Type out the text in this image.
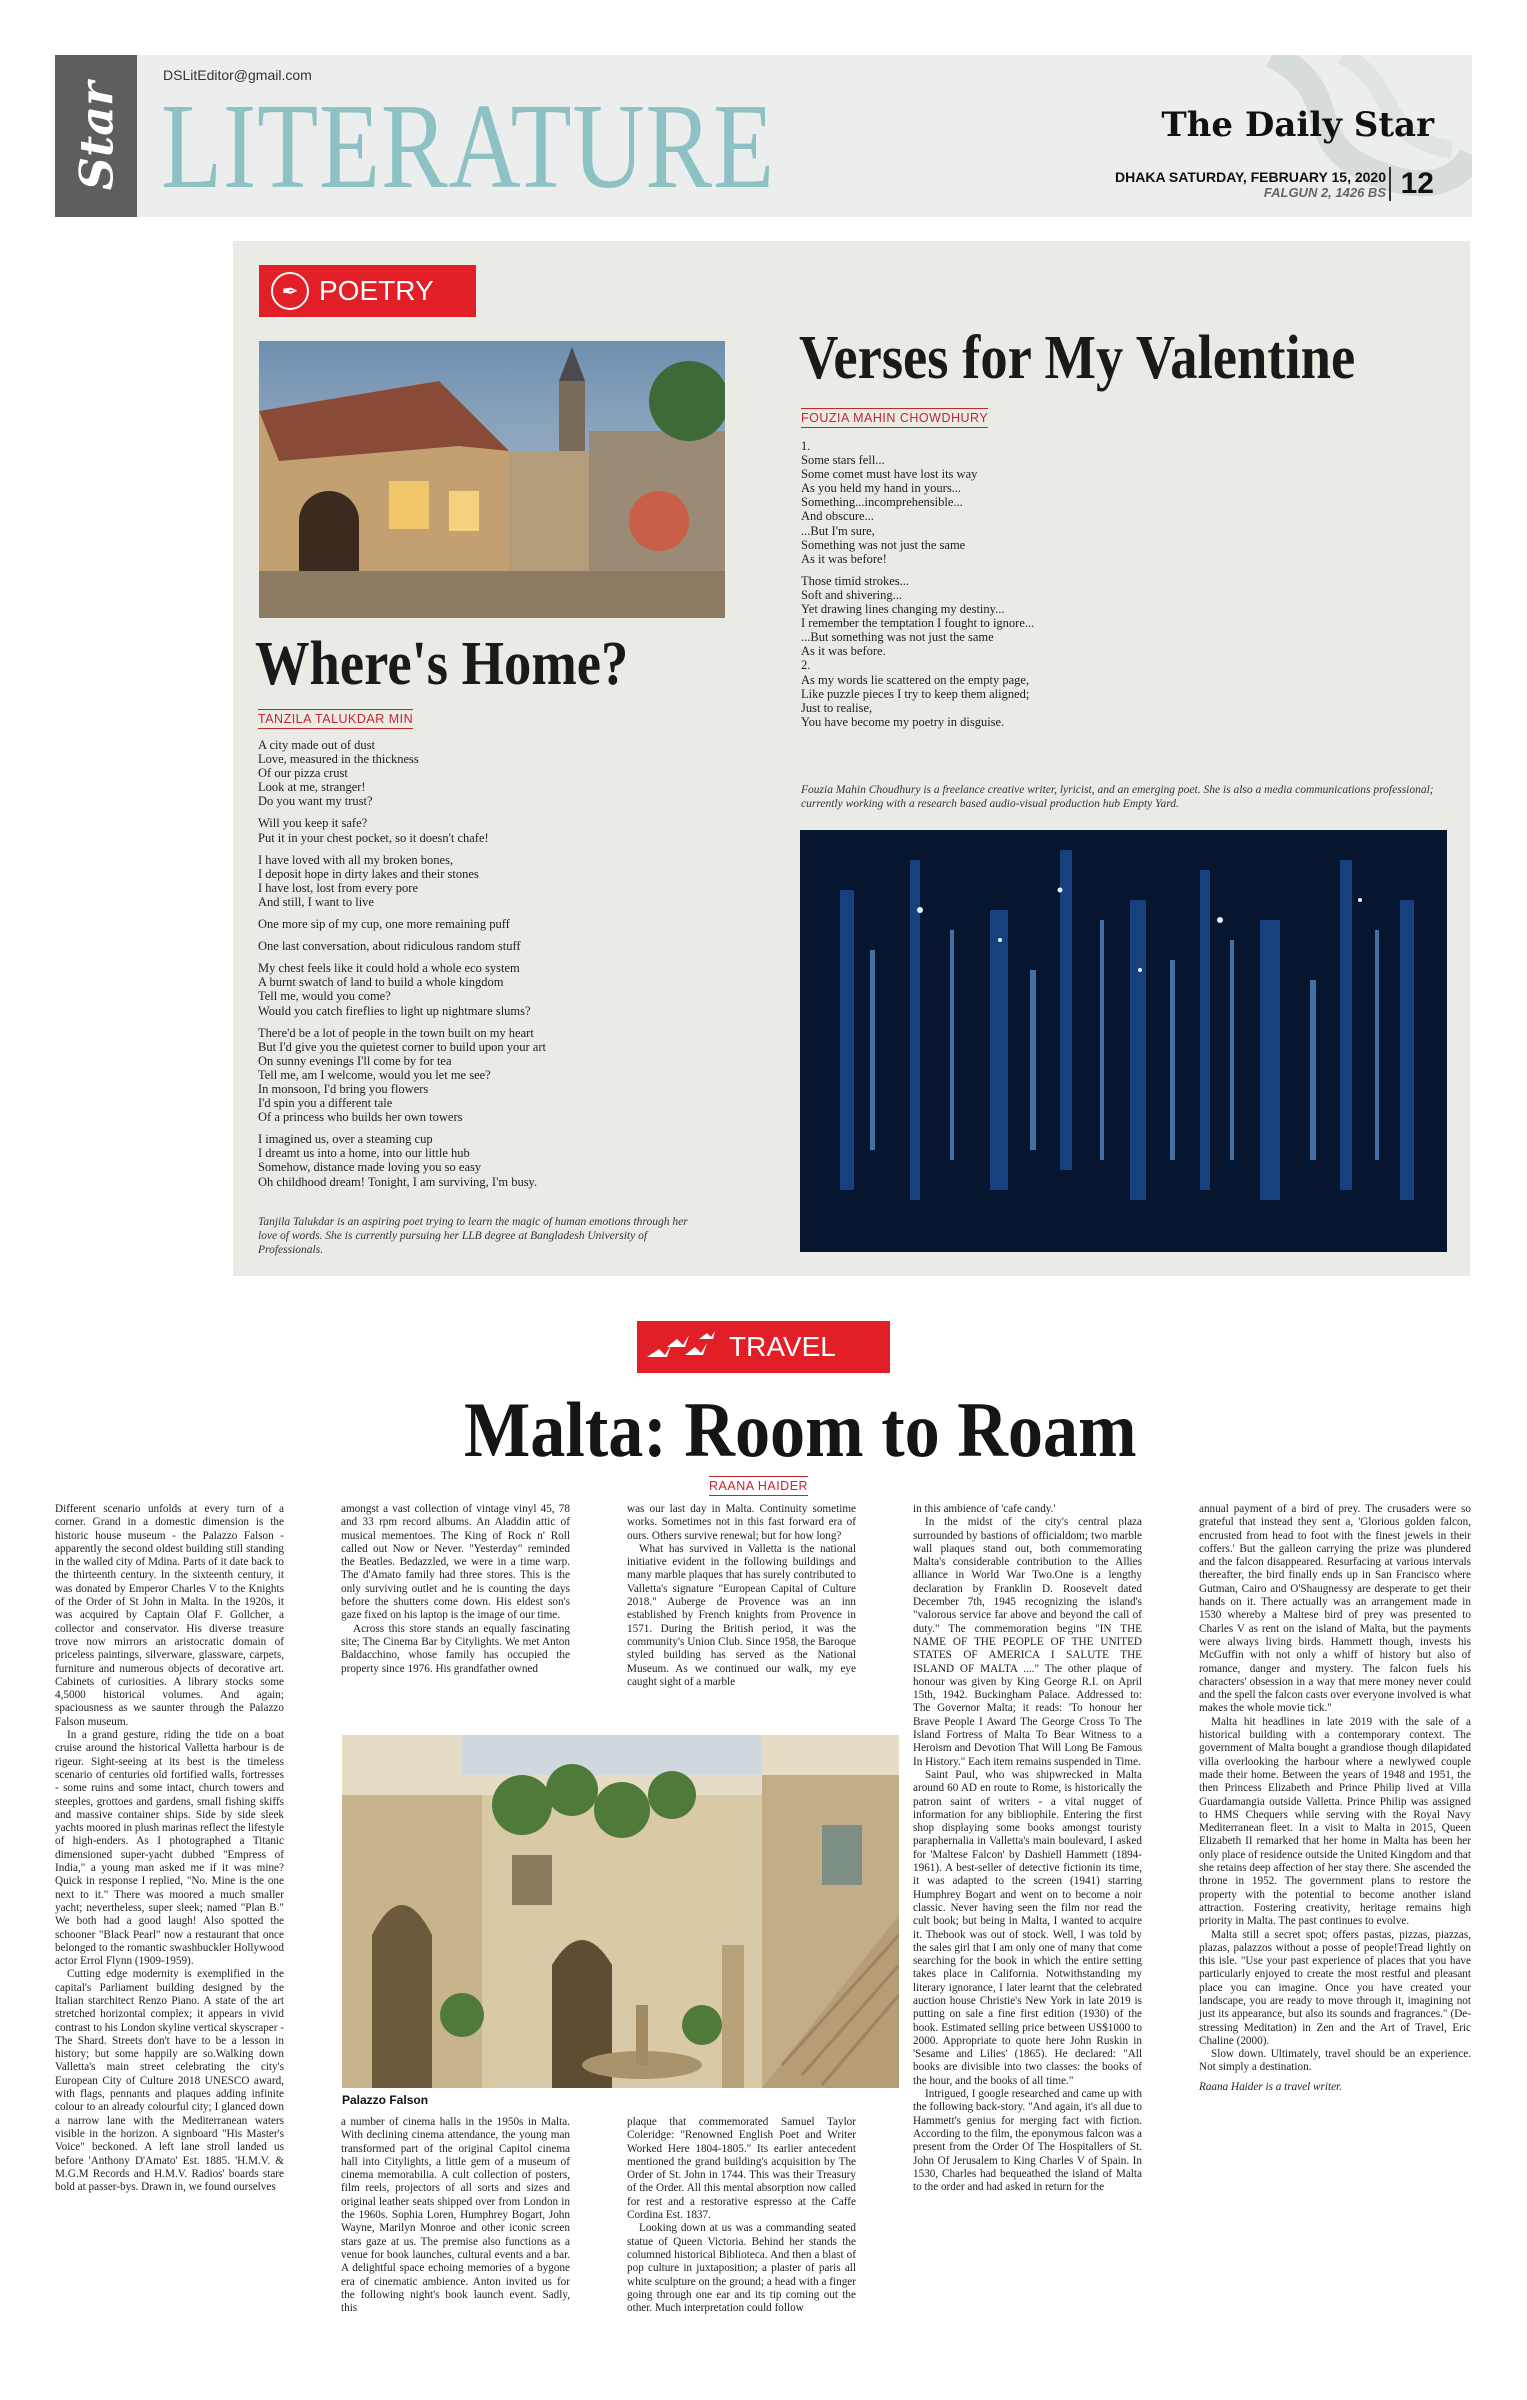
Star
DSLitEditor@gmail.com
LITERATURE	The Daily Star
DHAKA SATURDAY, FEBRUARY 15, 2020
FALGUN 2, 1426 BS 12
✒ POETRY
Where's Home?
TANZILA TALUKDAR MIN
A city made out of dust
Love, measured in the thickness
Of our pizza crust
Look at me, stranger!
Do you want my trust?
Will you keep it safe?
Put it in your chest pocket, so it doesn't chafe!
I have loved with all my broken bones,
I deposit hope in dirty lakes and their stones
I have lost, lost from every pore
And still, I want to live
One more sip of my cup, one more remaining puff
One last conversation, about ridiculous random stuff
My chest feels like it could hold a whole eco system
A burnt swatch of land to build a whole kingdom
Tell me, would you come?
Would you catch fireflies to light up nightmare slums?
There'd be a lot of people in the town built on my heart
But I'd give you the quietest corner to build upon your art
On sunny evenings I'll come by for tea
Tell me, am I welcome, would you let me see?
In monsoon, I'd bring you flowers
I'd spin you a different tale
Of a princess who builds her own towers
I imagined us, over a steaming cup
I dreamt us into a home, into our little hub
Somehow, distance made loving you so easy
Oh childhood dream! Tonight, I am surviving, I'm busy.
Tanjila Talukdar is an aspiring poet trying to learn the magic of human emotions through her love of words. She is currently pursuing her LLB degree at Bangladesh University of Professionals.
Verses for My Valentine
FOUZIA MAHIN CHOWDHURY
1.
Some stars fell...
Some comet must have lost its way
As you held my hand in yours...
Something...incomprehensible...
And obscure...
...But I'm sure,
Something was not just the same
As it was before!
Those timid strokes...
Soft and shivering...
Yet drawing lines changing my destiny...
I remember the temptation I fought to ignore...
...But something was not just the same
As it was before.
2.
As my words lie scattered on the empty page,
Like puzzle pieces I try to keep them aligned;
Just to realise,
You have become my poetry in disguise.
Fouzia Mahin Choudhury is a freelance creative writer, lyricist, and an emerging poet. She is also a media communications professional; currently working with a research based audio-visual production hub Empty Yard.
TRAVEL
Malta: Room to Roam
RAANA HAIDER

Different scenario unfolds at every turn of a corner. Grand in a domestic dimension is the historic house museum - the Palazzo Falson - apparently the second oldest building still standing in the walled city of Mdina. Parts of it date back to the thirteenth century. In the sixteenth century, it was donated by Emperor Charles V to the Knights of the Order of St John in Malta. In the 1920s, it was acquired by Captain Olaf F. Gollcher, a collector and conservator. His diverse treasure trove now mirrors an aristocratic domain of priceless paintings, silverware, glassware, carpets, furniture and numerous objects of decorative art. Cabinets of curiosities. A library stocks some 4,5000 historical volumes. And again; spaciousness as we saunter through the Palazzo Falson museum.

In a grand gesture, riding the tide on a boat cruise around the historical Valletta harbour is de rigeur. Sight-seeing at its best is the timeless scenario of centuries old fortified walls, fortresses - some ruins and some intact, church towers and steeples, grottoes and gardens, small fishing skiffs and massive container ships. Side by side sleek yachts moored in plush marinas reflect the lifestyle of high-enders. As I photographed a Titanic dimensioned super-yacht dubbed "Empress of India," a young man asked me if it was mine? Quick in response I replied, "No. Mine is the one next to it." There was moored a much smaller yacht; nevertheless, super sleek; named "Plan B." We both had a good laugh! Also spotted the schooner "Black Pearl" now a restaurant that once belonged to the romantic swashbuckler Hollywood actor Errol Flynn (1909-1959).

Cutting edge modernity is exemplified in the capital's Parliament building designed by the Italian starchitect Renzo Piano. A state of the art stretched horizontal complex; it appears in vivid contrast to his London skyline vertical skyscraper - The Shard. Streets don't have to be a lesson in history; but some happily are so.Walking down Valletta's main street celebrating the city's European City of Culture 2018 UNESCO award, with flags, pennants and plaques adding infinite colour to an already colourful city; I glanced down a narrow lane with the Mediterranean waters visible in the horizon. A signboard "His Master's Voice" beckoned. A left lane stroll landed us before 'Anthony D'Amato' Est. 1885. 'H.M.V. & M.G.M Records and H.M.V. Radios' boards stare bold at passer-bys. Drawn in, we found ourselves

amongst a vast collection of vintage vinyl 45, 78 and 33 rpm record albums. An Aladdin attic of musical mementoes. The King of Rock n' Roll called out Now or Never. "Yesterday" reminded the Beatles. Bedazzled, we were in a time warp. The d'Amato family had three stores. This is the only surviving outlet and he is counting the days before the shutters come down. His eldest son's gaze fixed on his laptop is the image of our time.

Across this store stands an equally fascinating site; The Cinema Bar by Citylights. We met Anton Baldacchino, whose family has occupied the property since 1976. His grandfather owned

was our last day in Malta. Continuity sometime works. Sometimes not in this fast forward era of ours. Others survive renewal; but for how long?

What has survived in Valletta is the national initiative evident in the following buildings and many marble plaques that has surely contributed to Valletta's signature "European Capital of Culture 2018." Auberge de Provence was an inn established by French knights from Provence in 1571. During the British period, it was the community's Union Club. Since 1958, the Baroque styled building has served as the National Museum. As we continued our walk, my eye caught sight of a marble

Palazzo Falson

a number of cinema halls in the 1950s in Malta. With declining cinema attendance, the young man transformed part of the original Capitol cinema hall into Citylights, a little gem of a museum of cinema memorabilia. A cult collection of posters, film reels, projectors of all sorts and sizes and original leather seats shipped over from London in the 1960s. Sophia Loren, Humphrey Bogart, John Wayne, Marilyn Monroe and other iconic screen stars gaze at us. The premise also functions as a venue for book launches, cultural events and a bar. A delightful space echoing memories of a bygone era of cinematic ambience. Anton invited us for the following night's book launch event. Sadly, this

plaque that commemorated Samuel Taylor Coleridge: "Renowned English Poet and Writer Worked Here 1804-1805." Its earlier antecedent mentioned the grand building's acquisition by The Order of St. John in 1744. This was their Treasury of the Order. All this mental absorption now called for rest and a restorative espresso at the Caffe Cordina Est. 1837.

Looking down at us was a commanding seated statue of Queen Victoria. Behind her stands the columned historical Biblioteca. And then a blast of pop culture in juxtaposition; a plaster of paris all white sculpture on the ground; a head with a finger going through one ear and its tip coming out the other. Much interpretation could follow

in this ambience of 'cafe candy.'

In the midst of the city's central plaza surrounded by bastions of officialdom; two marble wall plaques stand out, both commemorating Malta's considerable contribution to the Allies alliance in World War Two.One is a lengthy declaration by Franklin D. Roosevelt dated December 7th, 1945 recognizing the island's "valorous service far above and beyond the call of duty." The commemoration begins "IN THE NAME OF THE PEOPLE OF THE UNITED STATES OF AMERICA I SALUTE THE ISLAND OF MALTA ...." The other plaque of honour was given by King George R.I. on April 15th, 1942. Buckingham Palace. Addressed to: The Governor Malta; it reads: 'To honour her Brave People I Award The George Cross To The Island Fortress of Malta To Bear Witness to a Heroism and Devotion That Will Long Be Famous In History." Each item remains suspended in Time.

Saint Paul, who was shipwrecked in Malta around 60 AD en route to Rome, is historically the patron saint of writers - a vital nugget of information for any bibliophile. Entering the first shop displaying some books amongst touristy paraphernalia in Valletta's main boulevard, I asked for 'Maltese Falcon' by Dashiell Hammett (1894-1961). A best-seller of detective fictionin its time, it was adapted to the screen (1941) starring Humphrey Bogart and went on to become a noir classic. Never having seen the film nor read the cult book; but being in Malta, I wanted to acquire it. Thebook was out of stock. Well, I was told by the sales girl that I am only one of many that come searching for the book in which the entire setting takes place in California. Notwithstanding my literary ignorance, I later learnt that the celebrated auction house Christie's New York in late 2019 is putting on sale a fine first edition (1930) of the book. Estimated selling price between US$1000 to 2000. Appropriate to quote here John Ruskin in 'Sesame and Lilies' (1865). He declared: "All books are divisible into two classes: the books of the hour, and the books of all time."

Intrigued, I google researched and came up with the following back-story. "And again, it's all due to Hammett's genius for merging fact with fiction. According to the film, the eponymous falcon was a present from the Order Of The Hospitallers of St. John Of Jerusalem to King Charles V of Spain. In 1530, Charles had bequeathed the island of Malta to the order and had asked in return for the

annual payment of a bird of prey. The crusaders were so grateful that instead they sent a, 'Glorious golden falcon, encrusted from head to foot with the finest jewels in their coffers.' But the galleon carrying the prize was plundered and the falcon disappeared. Resurfacing at various intervals thereafter, the bird finally ends up in San Francisco where Gutman, Cairo and O'Shaugnessy are desperate to get their hands on it. There actually was an arrangement made in 1530 whereby a Maltese bird of prey was presented to Charles V as rent on the island of Malta, but the payments were always living birds. Hammett though, invests his McGuffin with not only a whiff of history but also of romance, danger and mystery. The falcon fuels his characters' obsession in a way that mere money never could and the spell the falcon casts over everyone involved is what makes the whole movie tick."

Malta hit headlines in late 2019 with the sale of a historical building with a contemporary context. The government of Malta bought a grandiose though dilapidated villa overlooking the harbour where a newlywed couple made their home. Between the years of 1948 and 1951, the then Princess Elizabeth and Prince Philip lived at Villa Guardamangia outside Valletta. Prince Philip was assigned to HMS Chequers while serving with the Royal Navy Mediterranean fleet. In a visit to Malta in 2015, Queen Elizabeth II remarked that her home in Malta has been her only place of residence outside the United Kingdom and that she retains deep affection of her stay there. She ascended the throne in 1952. The government plans to restore the property with the potential to become another island attraction. Fostering creativity, heritage remains high priority in Malta. The past continues to evolve.

Malta still a secret spot; offers pastas, pizzas, piazzas, plazas, palazzos without a posse of people!Tread lightly on this isle. "Use your past experience of places that you have particularly enjoyed to create the most restful and pleasant place you can imagine. Once you have created your landscape, you are ready to move through it, imagining not just its appearance, but also its sounds and fragrances." (De-stressing Meditation) in Zen and the Art of Travel, Eric Chaline (2000).

Slow down. Ultimately, travel should be an experience. Not simply a destination.

Raana Haider is a travel writer.
